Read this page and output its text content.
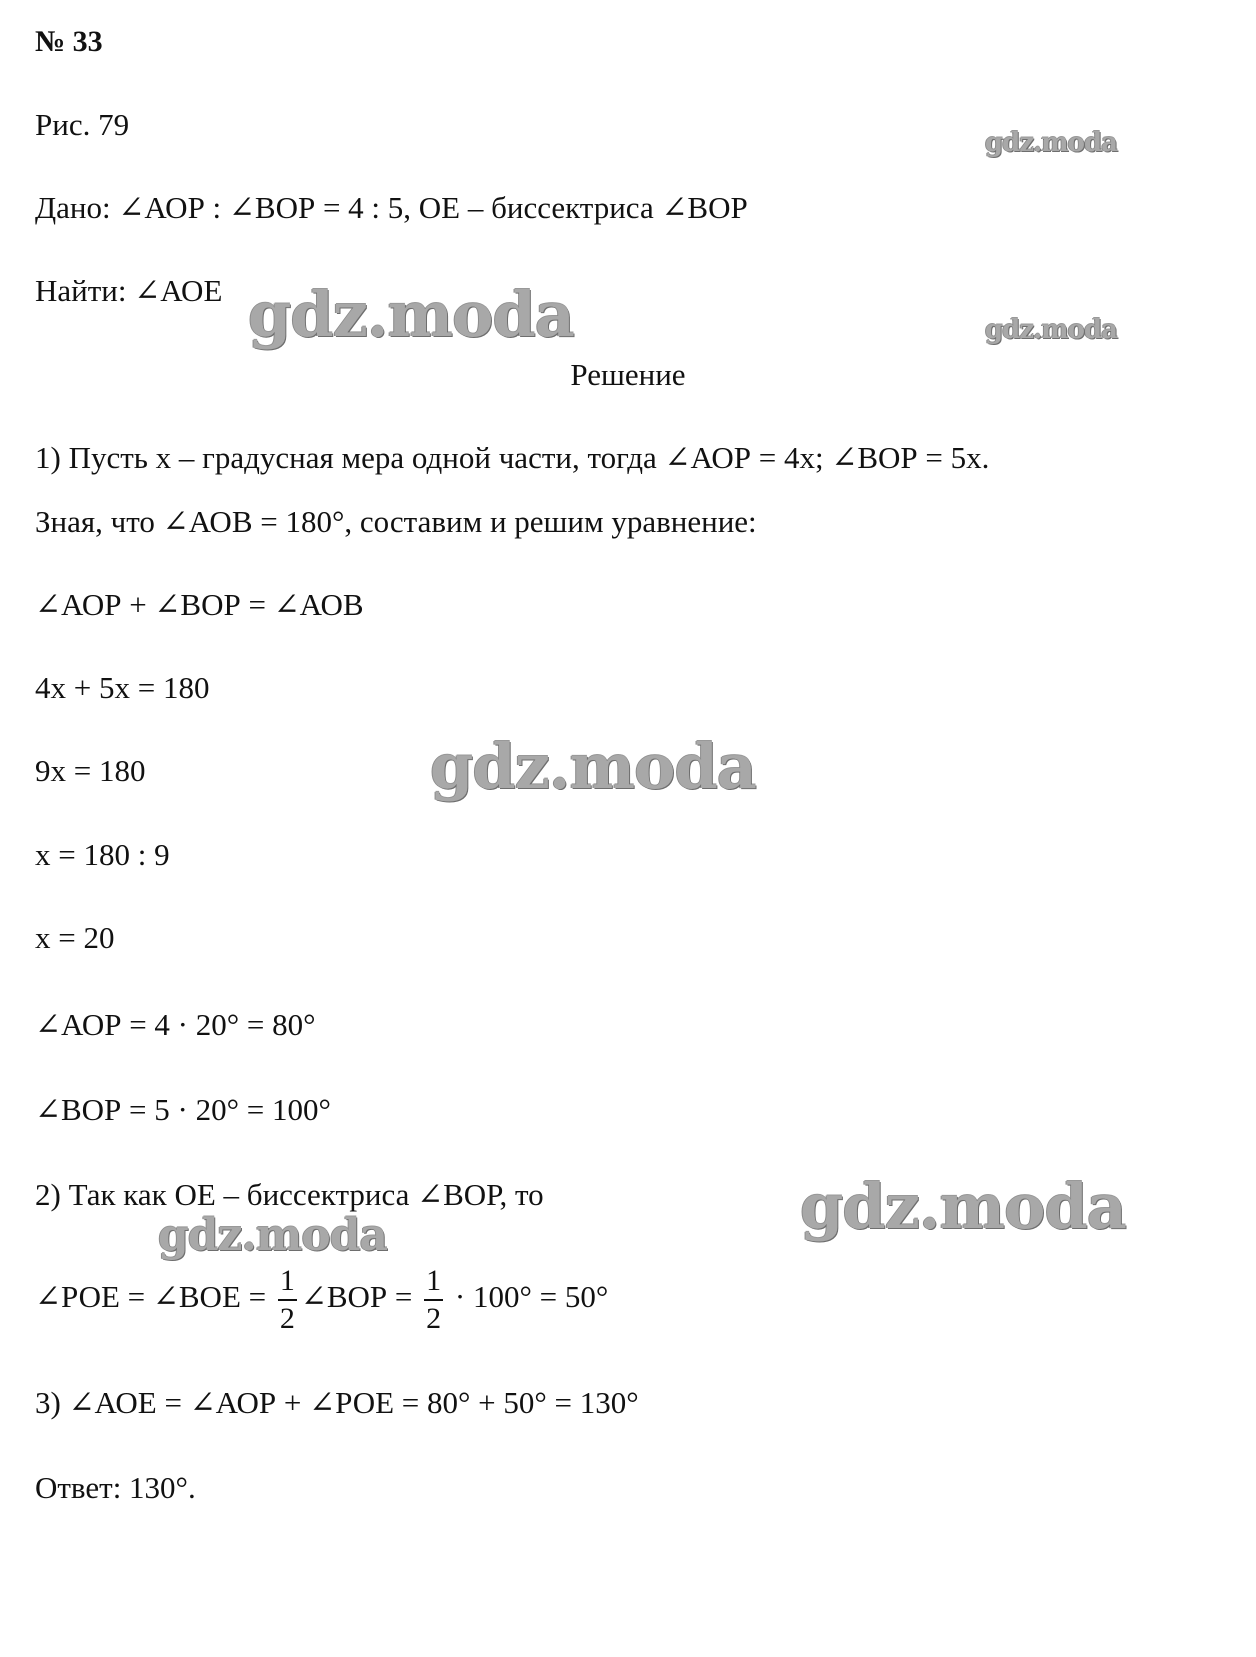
№ 33
Рис. 79
Дано: ∠АОР : ∠ВОР = 4 : 5, ОЕ – биссектриса ∠ВОР
Найти: ∠АОЕ
Решение
1) Пусть x – градусная мера одной части, тогда ∠АОР = 4x; ∠ВОР = 5x.
Зная, что ∠АОВ = 180°, составим и решим уравнение:
∠АОР + ∠ВОР = ∠АОВ
4x + 5x = 180
9x = 180
x = 180 : 9
x = 20
∠АОР = 4 · 20° = 80°
∠ВОР = 5 · 20° = 100°
2) Так как ОЕ – биссектриса ∠ВОР, то
∠РОЕ = ∠ВОЕ = $\frac{1}{2}$ ∠ВОР = $\frac{1}{2} \cdot 100^\circ = 50^\circ$
3) ∠АОЕ = ∠АОР + ∠РОЕ = 80° + 50° = 130°
Ответ: 130°.
gdz.moda
gdz.moda	gdz.moda
gdz.moda
gdz.moda
gdz.moda
